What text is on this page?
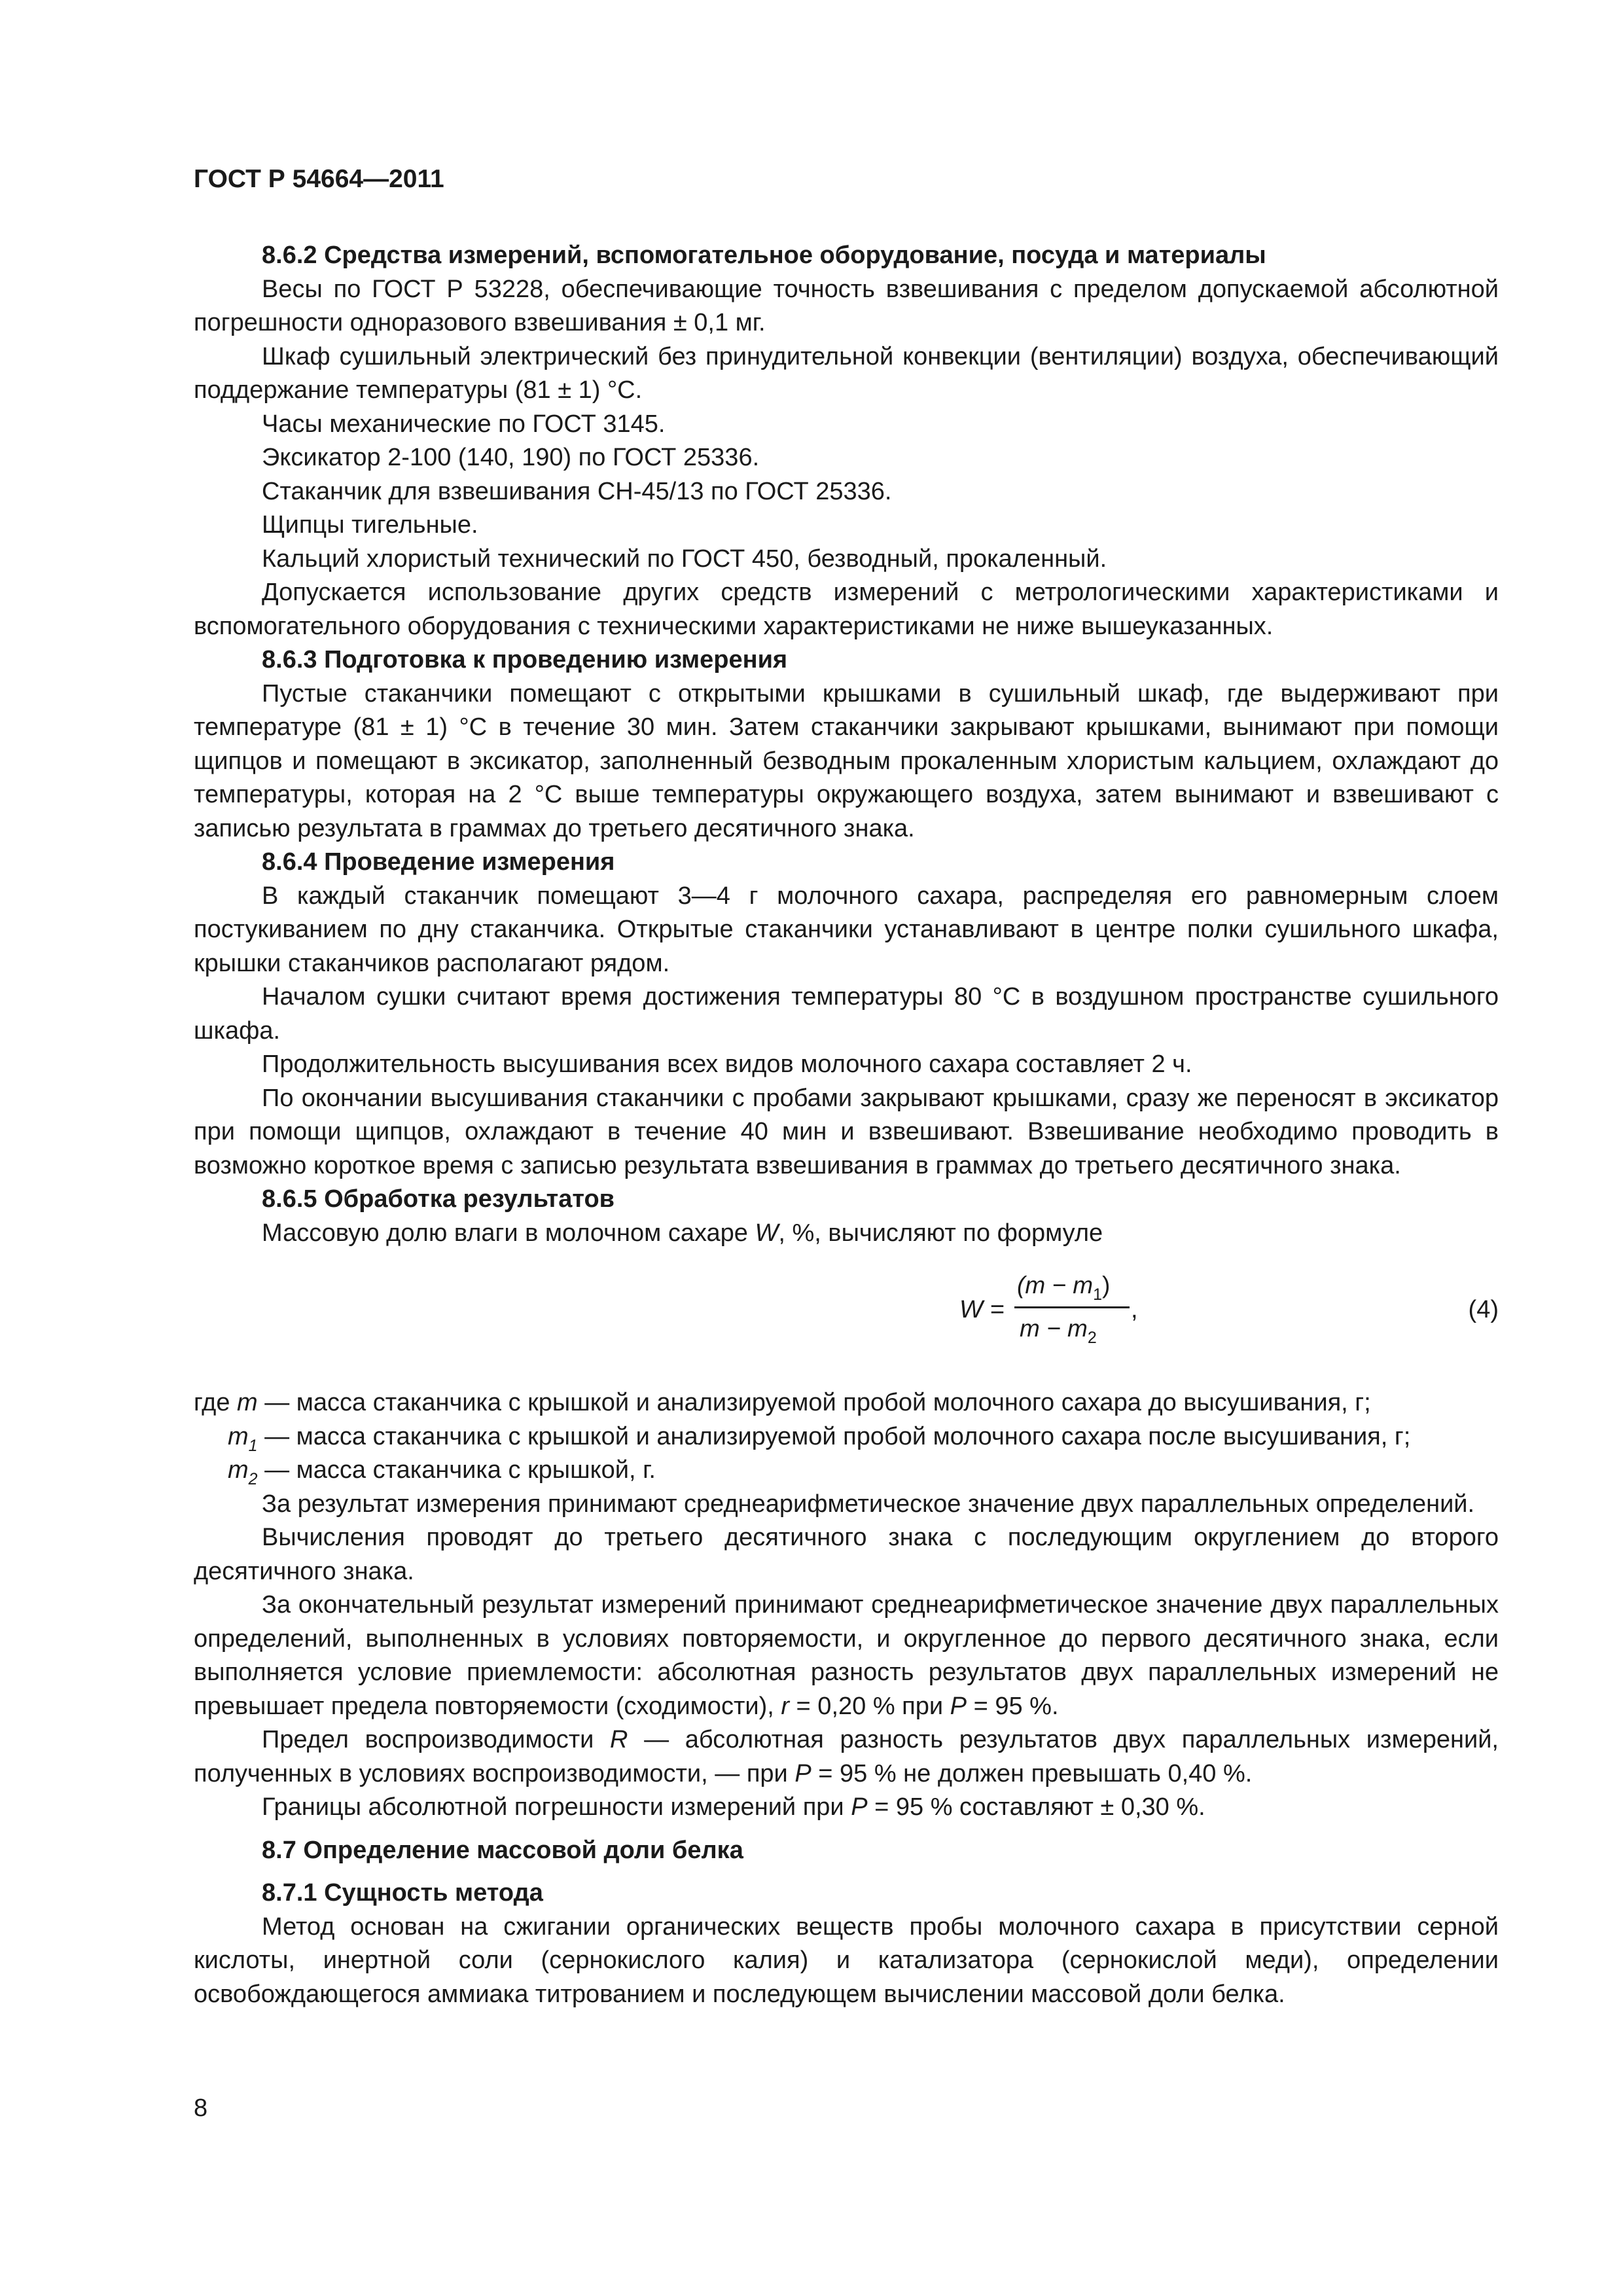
ГОСТ Р 54664—2011

8.6.2 Средства измерений, вспомогательное оборудование, посуда и материалы

Весы по ГОСТ Р 53228, обеспечивающие точность взвешивания с пределом допускаемой абсолютной погрешности одноразового взвешивания ± 0,1 мг.

Шкаф сушильный электрический без принудительной конвекции (вентиляции) воздуха, обеспечивающий поддержание температуры (81 ± 1) °С.

Часы механические по ГОСТ 3145.

Эксикатор 2-100 (140, 190) по ГОСТ 25336.

Стаканчик для взвешивания СН-45/13 по ГОСТ 25336.

Щипцы тигельные.

Кальций хлористый технический по ГОСТ 450, безводный, прокаленный.

Допускается использование других средств измерений с метрологическими характеристиками и вспомогательного оборудования с техническими характеристиками не ниже вышеуказанных.

8.6.3 Подготовка к проведению измерения

Пустые стаканчики помещают с открытыми крышками в сушильный шкаф, где выдерживают при температуре (81 ± 1) °С в течение 30 мин. Затем стаканчики закрывают крышками, вынимают при помощи щипцов и помещают в эксикатор, заполненный безводным прокаленным хлористым кальцием, охлаждают до температуры, которая на 2 °С выше температуры окружающего воздуха, затем вынимают и взвешивают с записью результата в граммах до третьего десятичного знака.

8.6.4 Проведение измерения

В каждый стаканчик помещают 3—4 г молочного сахара, распределяя его равномерным слоем постукиванием по дну стаканчика. Открытые стаканчики устанавливают в центре полки сушильного шкафа, крышки стаканчиков располагают рядом.

Началом сушки считают время достижения температуры 80 °С в воздушном пространстве сушильного шкафа.

Продолжительность высушивания всех видов молочного сахара составляет 2 ч.

По окончании высушивания стаканчики с пробами закрывают крышками, сразу же переносят в эксикатор при помощи щипцов, охлаждают в течение 40 мин и взвешивают. Взвешивание необходимо проводить в возможно короткое время с записью результата взвешивания в граммах до третьего десятичного знака.

8.6.5 Обработка результатов

Массовую долю влаги в молочном сахаре W, %, вычисляют по формуле

W =
$(m - m_1)$
$m - m_2$
,	(4)

где m — масса стаканчика с крышкой и анализируемой пробой молочного сахара до высушивания, г;

$m_1$ — масса стаканчика с крышкой и анализируемой пробой молочного сахара после высушивания, г;

$m_2$ — масса стаканчика с крышкой, г.

За результат измерения принимают среднеарифметическое значение двух параллельных определений.

Вычисления проводят до третьего десятичного знака с последующим округлением до второго десятичного знака.

За окончательный результат измерений принимают среднеарифметическое значение двух параллельных определений, выполненных в условиях повторяемости, и округленное до первого десятичного знака, если выполняется условие приемлемости: абсолютная разность результатов двух параллельных измерений не превышает предела повторяемости (сходимости), r = 0,20 % при P = 95 %.

Предел воспроизводимости R — абсолютная разность результатов двух параллельных измерений, полученных в условиях воспроизводимости, — при P = 95 % не должен превышать 0,40 %.

Границы абсолютной погрешности измерений при P = 95 % составляют ± 0,30 %.

8.7 Определение массовой доли белка

8.7.1 Сущность метода

Метод основан на сжигании органических веществ пробы молочного сахара в присутствии серной кислоты, инертной соли (сернокислого калия) и катализатора (сернокислой меди), определении освобождающегося аммиака титрованием и последующем вычислении массовой доли белка.

8
